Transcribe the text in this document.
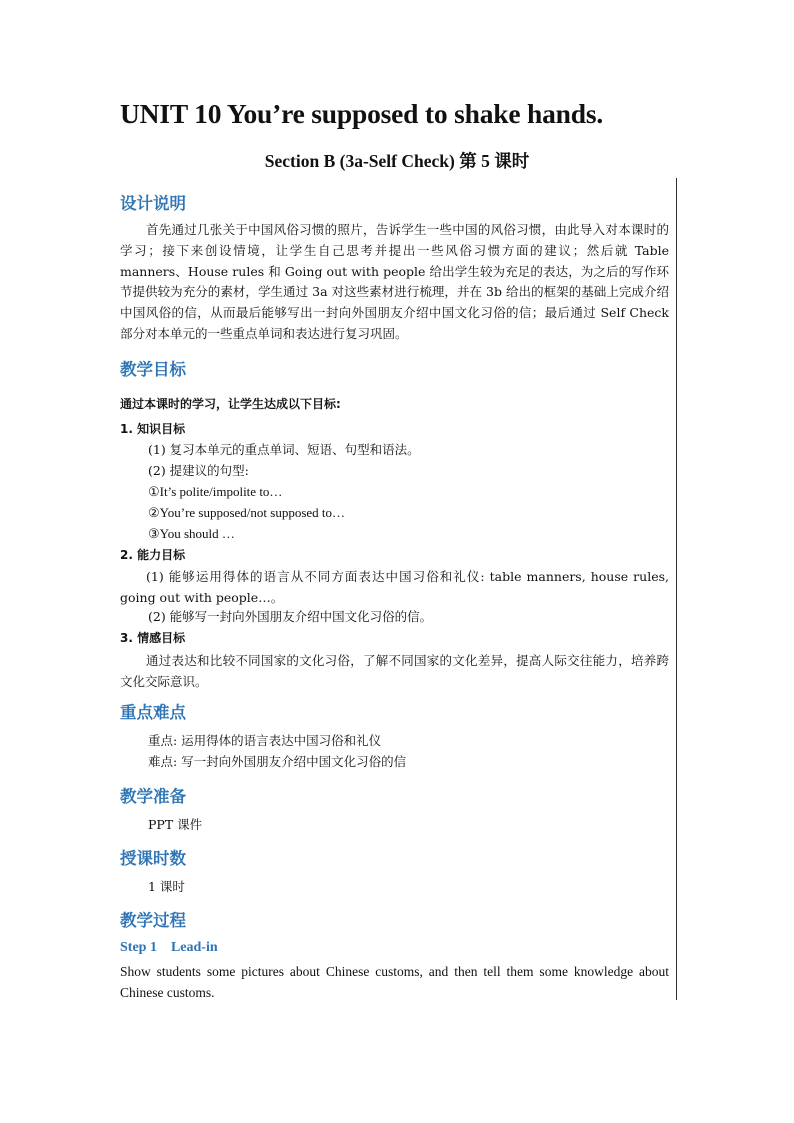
UNIT 10 You’re supposed to shake hands.
Section B (3a-Self Check) 第 5 课时
设计说明
首先通过几张关于中国风俗习惯的照片，告诉学生一些中国的风俗习惯，由此导入对本课时的学习；接下来创设情境，让学生自己思考并提出一些风俗习惯方面的建议；然后就 Table manners、House rules 和 Going out with people 给出学生较为充足的表达，为之后的写作环节提供较为充分的素材，学生通过 3a 对这些素材进行梳理，并在 3b 给出的框架的基础上完成介绍中国风俗的信，从而最后能够写出一封向外国朋友介绍中国文化习俗的信；最后通过 Self Check 部分对本单元的一些重点单词和表达进行复习巩固。
教学目标
通过本课时的学习，让学生达成以下目标:
1. 知识目标
(1) 复习本单元的重点单词、短语、句型和语法。
(2) 提建议的句型:
①It’s polite/impolite to…
②You’re supposed/not supposed to…
③You should …
2. 能力目标
(1) 能够运用得体的语言从不同方面表达中国习俗和礼仪: table manners, house rules, going out with people…。
(2) 能够写一封向外国朋友介绍中国文化习俗的信。
3. 情感目标
通过表达和比较不同国家的文化习俗，了解不同国家的文化差异，提高人际交往能力，培养跨文化交际意识。
重点难点
重点: 运用得体的语言表达中国习俗和礼仪
难点: 写一封向外国朋友介绍中国文化习俗的信
教学准备
PPT 课件
授课时数
1 课时
教学过程
Step 1 Lead-in
Show students some pictures about Chinese customs, and then tell them some knowledge about Chinese customs.
